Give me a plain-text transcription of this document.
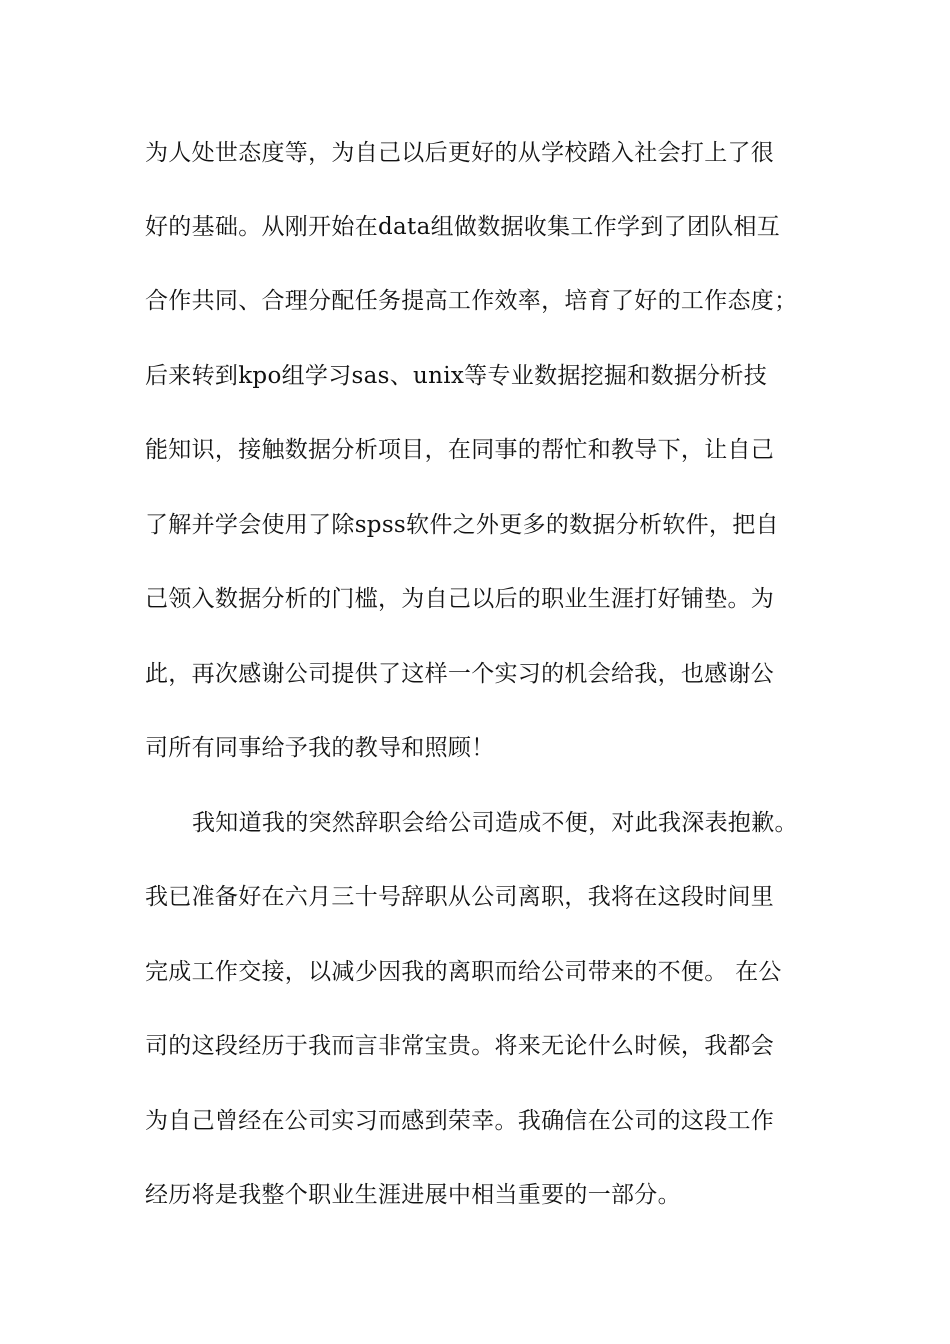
为人处世态度等，为自己以后更好的从学校踏入社会打上了很
好的基础。从刚开始在data组做数据收集工作学到了团队相互
合作共同、合理分配任务提高工作效率，培育了好的工作态度；
后来转到kpo组学习sas、unix等专业数据挖掘和数据分析技
能知识，接触数据分析项目，在同事的帮忙和教导下，让自己
了解并学会使用了除spss软件之外更多的数据分析软件，把自
己领入数据分析的门槛，为自己以后的职业生涯打好铺垫。为
此，再次感谢公司提供了这样一个实习的机会给我，也感谢公
司所有同事给予我的教导和照顾！
我知道我的突然辞职会给公司造成不便，对此我深表抱歉。
我已准备好在六月三十号辞职从公司离职，我将在这段时间里
完成工作交接，以减少因我的离职而给公司带来的不便。 在公
司的这段经历于我而言非常宝贵。将来无论什么时候，我都会
为自己曾经在公司实习而感到荣幸。我确信在公司的这段工作
经历将是我整个职业生涯进展中相当重要的一部分。
